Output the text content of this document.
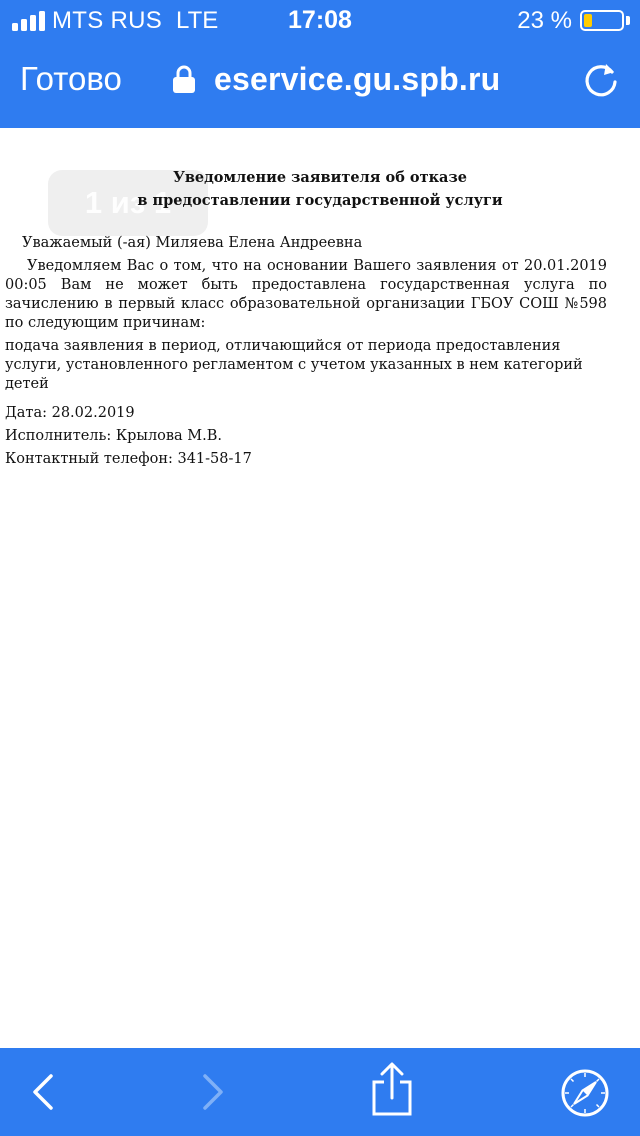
MTS RUS LTE	17:08	23 %
Готово	eservice.gu.spb.ru
1 из 1
Уведомление заявителя об отказе
в предоставлении государственной услуги
Уважаемый (-ая) Миляева Елена Андреевна
Уведомляем Вас о том, что на основании Вашего заявления от 20.01.2019 00:05 Вам не может быть предоставлена государственная услуга по зачислению в первый класс образовательной организации ГБОУ СОШ №598 по следующим причинам:
подача заявления в период, отличающийся от периода предоставления услуги, установленного регламентом с учетом указанных в нем категорий детей
Дата: 28.02.2019
Исполнитель: Крылова М.В.
Контактный телефон: 341-58-17
